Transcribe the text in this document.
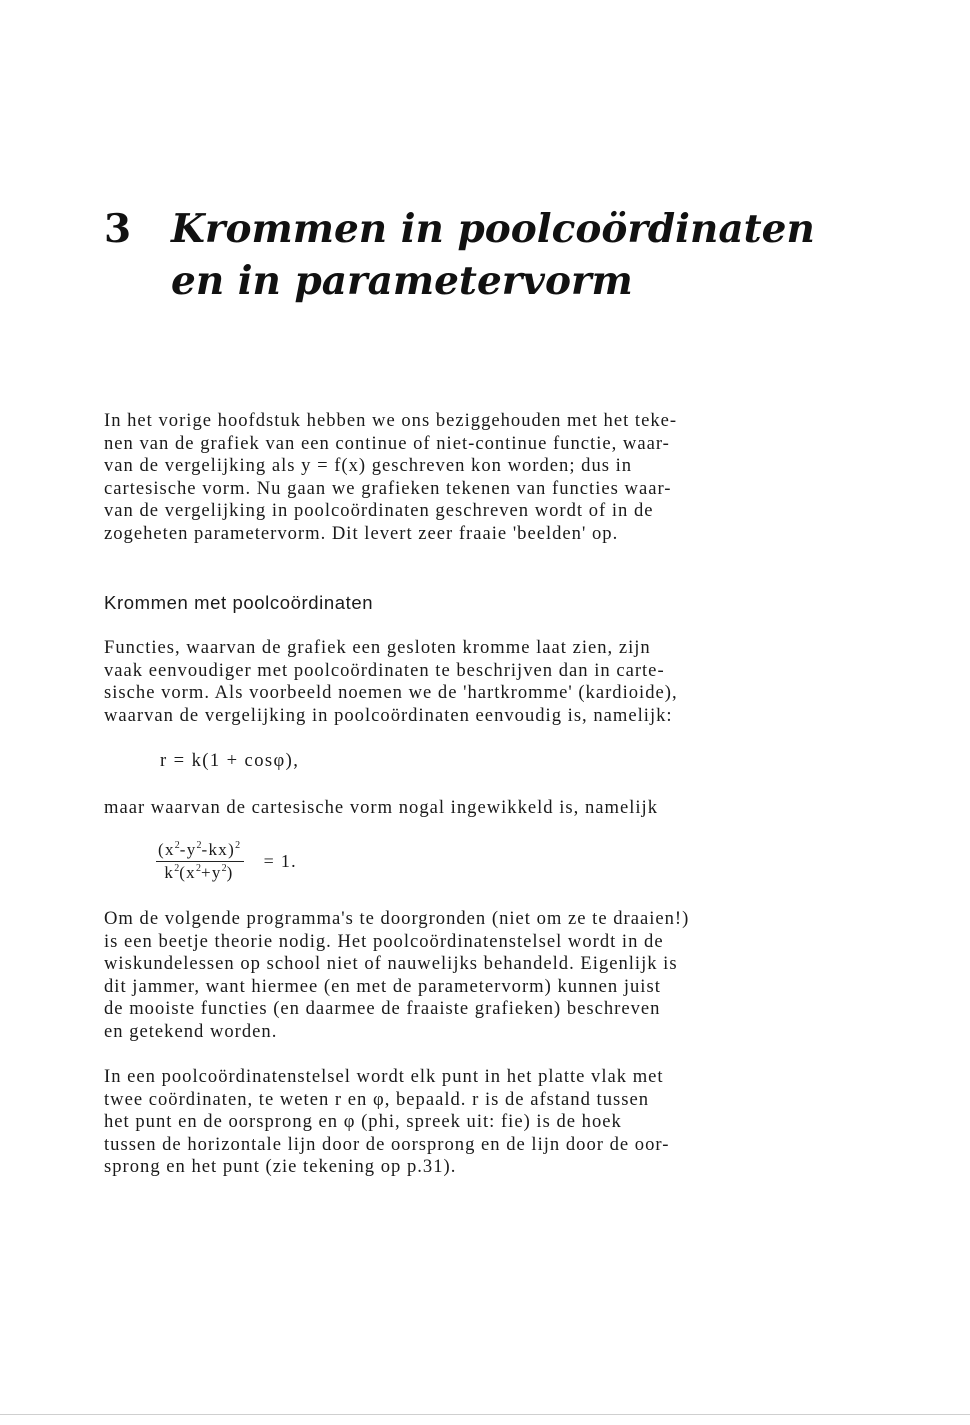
3 Krommen in poolcoördinaten
en in parametervorm
In het vorige hoofdstuk hebben we ons beziggehouden met het teke-
nen van de grafiek van een continue of niet-continue functie, waar-
van de vergelijking als y = f(x) geschreven kon worden; dus in
cartesische vorm. Nu gaan we grafieken tekenen van functies waar-
van de vergelijking in poolcoördinaten geschreven wordt of in de
zogeheten parametervorm. Dit levert zeer fraaie 'beelden' op.
Krommen met poolcoördinaten
Functies, waarvan de grafiek een gesloten kromme laat zien, zijn
vaak eenvoudiger met poolcoördinaten te beschrijven dan in carte-
sische vorm. Als voorbeeld noemen we de 'hartkromme' (kardioide),
waarvan de vergelijking in poolcoördinaten eenvoudig is, namelijk:
r = k(1 + cosφ),
maar waarvan de cartesische vorm nogal ingewikkeld is, namelijk
$\frac{(x^2-y^2-kx)^2}{k^2(x^2+y^2)} = 1$.
Om de volgende programma's te doorgronden (niet om ze te draaien!)
is een beetje theorie nodig. Het poolcoördinatenstelsel wordt in de
wiskundelessen op school niet of nauwelijks behandeld. Eigenlijk is
dit jammer, want hiermee (en met de parametervorm) kunnen juist
de mooiste functies (en daarmee de fraaiste grafieken) beschreven
en getekend worden.
In een poolcoördinatenstelsel wordt elk punt in het platte vlak met
twee coördinaten, te weten r en φ, bepaald. r is de afstand tussen
het punt en de oorsprong en φ (phi, spreek uit: fie) is de hoek
tussen de horizontale lijn door de oorsprong en de lijn door de oor-
sprong en het punt (zie tekening op p.31).
